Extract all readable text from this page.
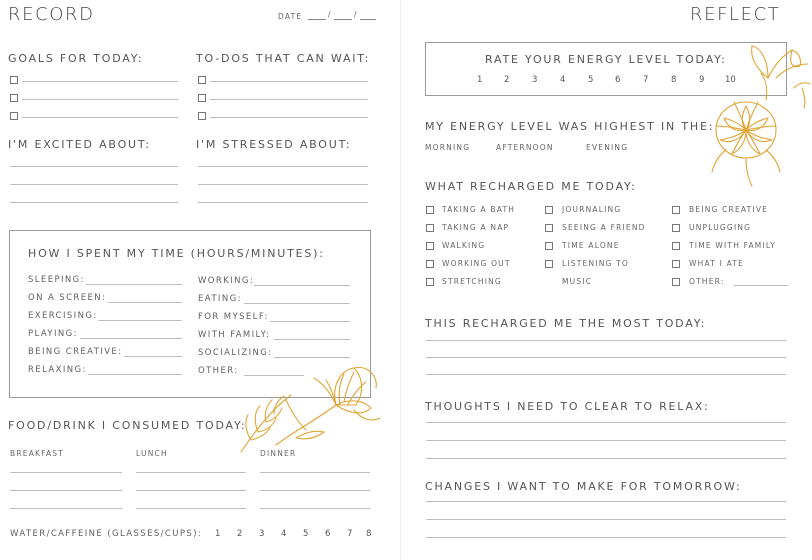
RECORD	DATE	/	/
GOALS FOR TODAY:	TO-DOS THAT CAN WAIT:
I'M EXCITED ABOUT:	I'M STRESSED ABOUT:
HOW I SPENT MY TIME (HOURS/MINUTES):
SLEEPING:
ON A SCREEN:
EXERCISING:
PLAYING:
BEING CREATIVE:
RELAXING:
WORKING:
EATING:
FOR MYSELF:
WITH FAMILY:
SOCIALIZING:
OTHER:
FOOD/DRINK I CONSUMED TODAY:
BREAKFAST	LUNCH	DINNER
WATER/CAFFEINE (GLASSES/CUPS): 1 2 3 4 5 6 7 8
REFLECT
RATE YOUR ENERGY LEVEL TODAY:
1	2	3	4	5	6	7	8	9 10
MY ENERGY LEVEL WAS HIGHEST IN THE:
MORNING	AFTERNOON	EVENING
WHAT RECHARGED ME TODAY:
TAKING A BATH
TAKING A NAP
WALKING
WORKING OUT
STRETCHING
JOURNALING
SEEING A FRIEND
TIME ALONE
LISTENING TO
MUSIC
BEING CREATIVE
UNPLUGGING
TIME WITH FAMILY
WHAT I ATE
OTHER:
THIS RECHARGED ME THE MOST TODAY:
THOUGHTS I NEED TO CLEAR TO RELAX:
CHANGES I WANT TO MAKE FOR TOMORROW:
